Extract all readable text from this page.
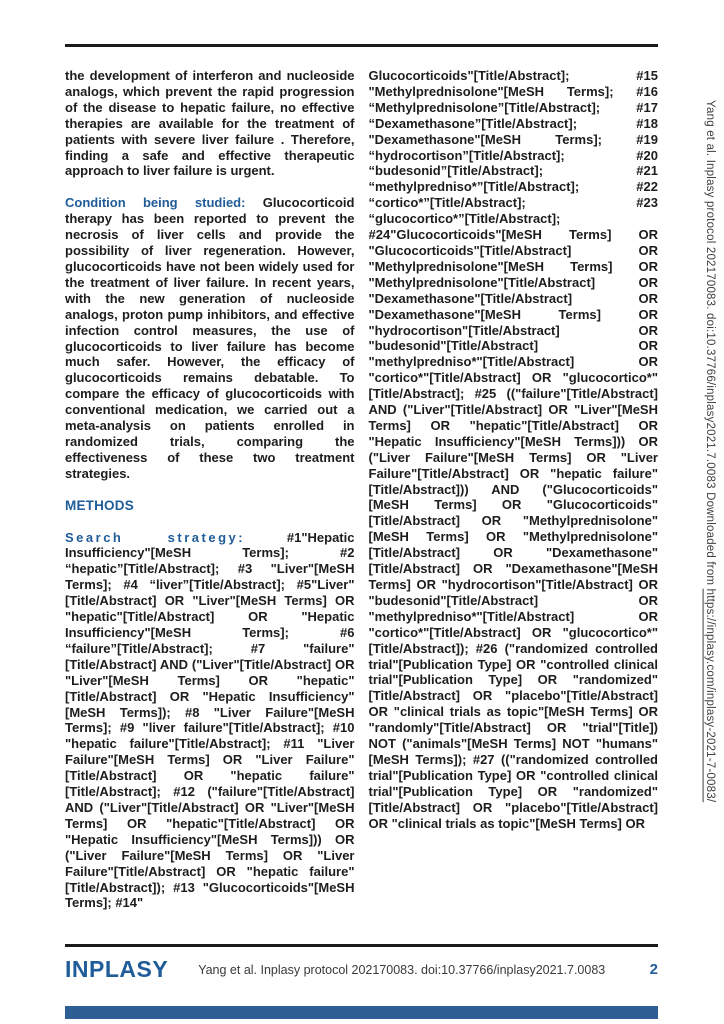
the development of interferon and nucleoside analogs, which prevent the rapid progression of the disease to hepatic failure, no effective therapies are available for the treatment of patients with severe liver failure . Therefore, finding a safe and effective therapeutic approach to liver failure is urgent.

Condition being studied: Glucocorticoid therapy has been reported to prevent the necrosis of liver cells and provide the possibility of liver regeneration. However, glucocorticoids have not been widely used for the treatment of liver failure. In recent years, with the new generation of nucleoside analogs, proton pump inhibitors, and effective infection control measures, the use of glucocorticoids to liver failure has become much safer. However, the efficacy of glucocorticoids remains debatable. To compare the efficacy of glucocorticoids with conventional medication, we carried out a meta-analysis on patients enrolled in randomized trials, comparing the effectiveness of these two treatment strategies.

METHODS

Search strategy:	#1"Hepatic Insufficiency"[MeSH Terms]; #2 “hepatic”[Title/Abstract]; #3 "Liver"[MeSH Terms]; #4 “liver”[Title/Abstract]; #5"Liver"[Title/Abstract] OR "Liver"[MeSH Terms] OR "hepatic"[Title/Abstract] OR "Hepatic Insufficiency"[MeSH Terms]; #6 “failure”[Title/Abstract]; #7 "failure"[Title/Abstract] AND ("Liver"[Title/Abstract] OR "Liver"[MeSH Terms] OR "hepatic"[Title/Abstract] OR "Hepatic Insufficiency"[MeSH Terms]); #8 "Liver Failure"[MeSH Terms]; #9 "liver failure"[Title/Abstract]; #10 "hepatic failure"[Title/Abstract]; #11 "Liver Failure"[MeSH Terms] OR "Liver Failure"[Title/Abstract] OR "hepatic failure"[Title/Abstract]; #12 ("failure"[Title/Abstract] AND ("Liver"[Title/Abstract] OR "Liver"[MeSH Terms] OR "hepatic"[Title/Abstract] OR "Hepatic Insufficiency"[MeSH Terms])) OR ("Liver Failure"[MeSH Terms] OR "Liver Failure"[Title/Abstract] OR "hepatic failure"[Title/Abstract]); #13 "Glucocorticoids"[MeSH Terms]; #14"

Glucocorticoids"[Title/Abstract]; #15 "Methylprednisolone"[MeSH Terms]; #16 “Methylprednisolone”[Title/Abstract]; #17 “Dexamethasone”[Title/Abstract]; #18 "Dexamethasone"[MeSH Terms]; #19 “hydrocortison”[Title/Abstract]; #20 “budesonid”[Title/Abstract]; #21 “methylpredniso*”[Title/Abstract]; #22 “cortico*”[Title/Abstract]; #23 “glucocortico*”[Title/Abstract]; #24"Glucocorticoids"[MeSH Terms] OR "Glucocorticoids"[Title/Abstract] OR "Methylprednisolone"[MeSH Terms] OR "Methylprednisolone"[Title/Abstract] OR "Dexamethasone"[Title/Abstract] OR "Dexamethasone"[MeSH Terms] OR "hydrocortison"[Title/Abstract] OR "budesonid"[Title/Abstract] OR "methylpredniso*"[Title/Abstract] OR "cortico*"[Title/Abstract] OR "glucocortico*"[Title/Abstract]; #25 (("failure"[Title/Abstract] AND ("Liver"[Title/Abstract] OR "Liver"[MeSH Terms] OR "hepatic"[Title/Abstract] OR "Hepatic Insufficiency"[MeSH Terms])) OR ("Liver Failure"[MeSH Terms] OR "Liver Failure"[Title/Abstract] OR "hepatic failure"[Title/Abstract])) AND ("Glucocorticoids"[MeSH Terms] OR "Glucocorticoids"[Title/Abstract] OR "Methylprednisolone"[MeSH Terms] OR "Methylprednisolone"[Title/Abstract] OR "Dexamethasone"[Title/Abstract] OR "Dexamethasone"[MeSH Terms] OR "hydrocortison"[Title/Abstract] OR "budesonid"[Title/Abstract] OR "methylpredniso*"[Title/Abstract] OR "cortico*"[Title/Abstract] OR "glucocortico*"[Title/Abstract]); #26 ("randomized controlled trial"[Publication Type] OR "controlled clinical trial"[Publication Type] OR "randomized"[Title/Abstract] OR "placebo"[Title/Abstract] OR "clinical trials as topic"[MeSH Terms] OR "randomly"[Title/Abstract] OR "trial"[Title]) NOT ("animals"[MeSH Terms] NOT "humans"[MeSH Terms]); #27 (("randomized controlled trial"[Publication Type] OR "controlled clinical trial"[Publication Type] OR "randomized"[Title/Abstract] OR "placebo"[Title/Abstract] OR "clinical trials as topic"[MeSH Terms] OR

Yang et al. Inplasy protocol 202170083. doi:10.37766/inplasy2021.7.0083 Downloaded from https://inplasy.com/inplasy-2021-7-0083/
INPLASY Yang et al. Inplasy protocol 202170083. doi:10.37766/inplasy2021.7.0083	2
